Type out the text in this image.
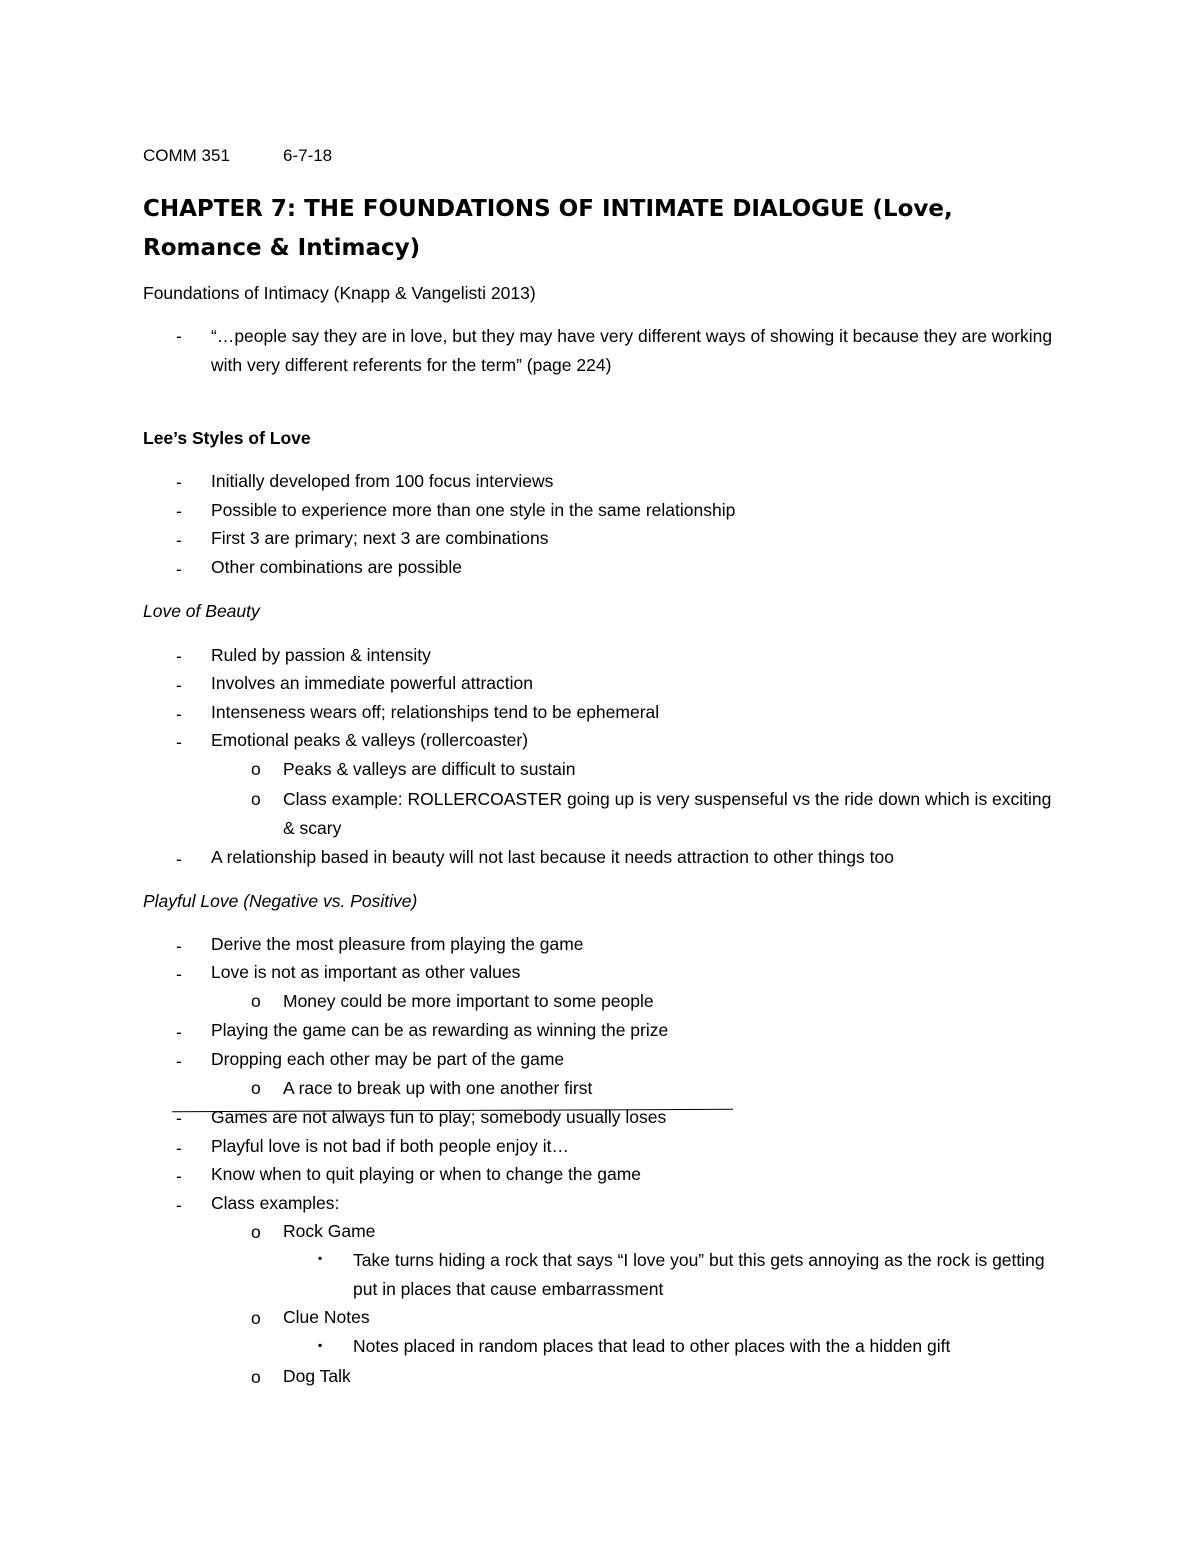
COMM 351	6-7-18
CHAPTER 7: THE FOUNDATIONS OF INTIMATE DIALOGUE (Love, Romance & Intimacy)
Foundations of Intimacy (Knapp & Vangelisti 2013)
- “…people say they are in love, but they may have very different ways of showing it because they are working with very different referents for the term” (page 224)
Lee’s Styles of Love
- Initially developed from 100 focus interviews
- Possible to experience more than one style in the same relationship
- First 3 are primary; next 3 are combinations
- Other combinations are possible
Love of Beauty
- Ruled by passion & intensity
- Involves an immediate powerful attraction
- Intenseness wears off; relationships tend to be ephemeral
- Emotional peaks & valleys (rollercoaster)
o Peaks & valleys are difficult to sustain
o Class example: ROLLERCOASTER going up is very suspenseful vs the ride down which is exciting & scary
- A relationship based in beauty will not last because it needs attraction to other things too
Playful Love (Negative vs. Positive)
- Derive the most pleasure from playing the game
- Love is not as important as other values
o Money could be more important to some people
- Playing the game can be as rewarding as winning the prize
- Dropping each other may be part of the game
o A race to break up with one another first
- Games are not always fun to play; somebody usually loses
- Playful love is not bad if both people enjoy it…
- Know when to quit playing or when to change the game
- Class examples:
o Rock Game
▪ Take turns hiding a rock that says “I love you” but this gets annoying as the rock is getting put in places that cause embarrassment
o Clue Notes
▪ Notes placed in random places that lead to other places with the a hidden gift
o Dog Talk
